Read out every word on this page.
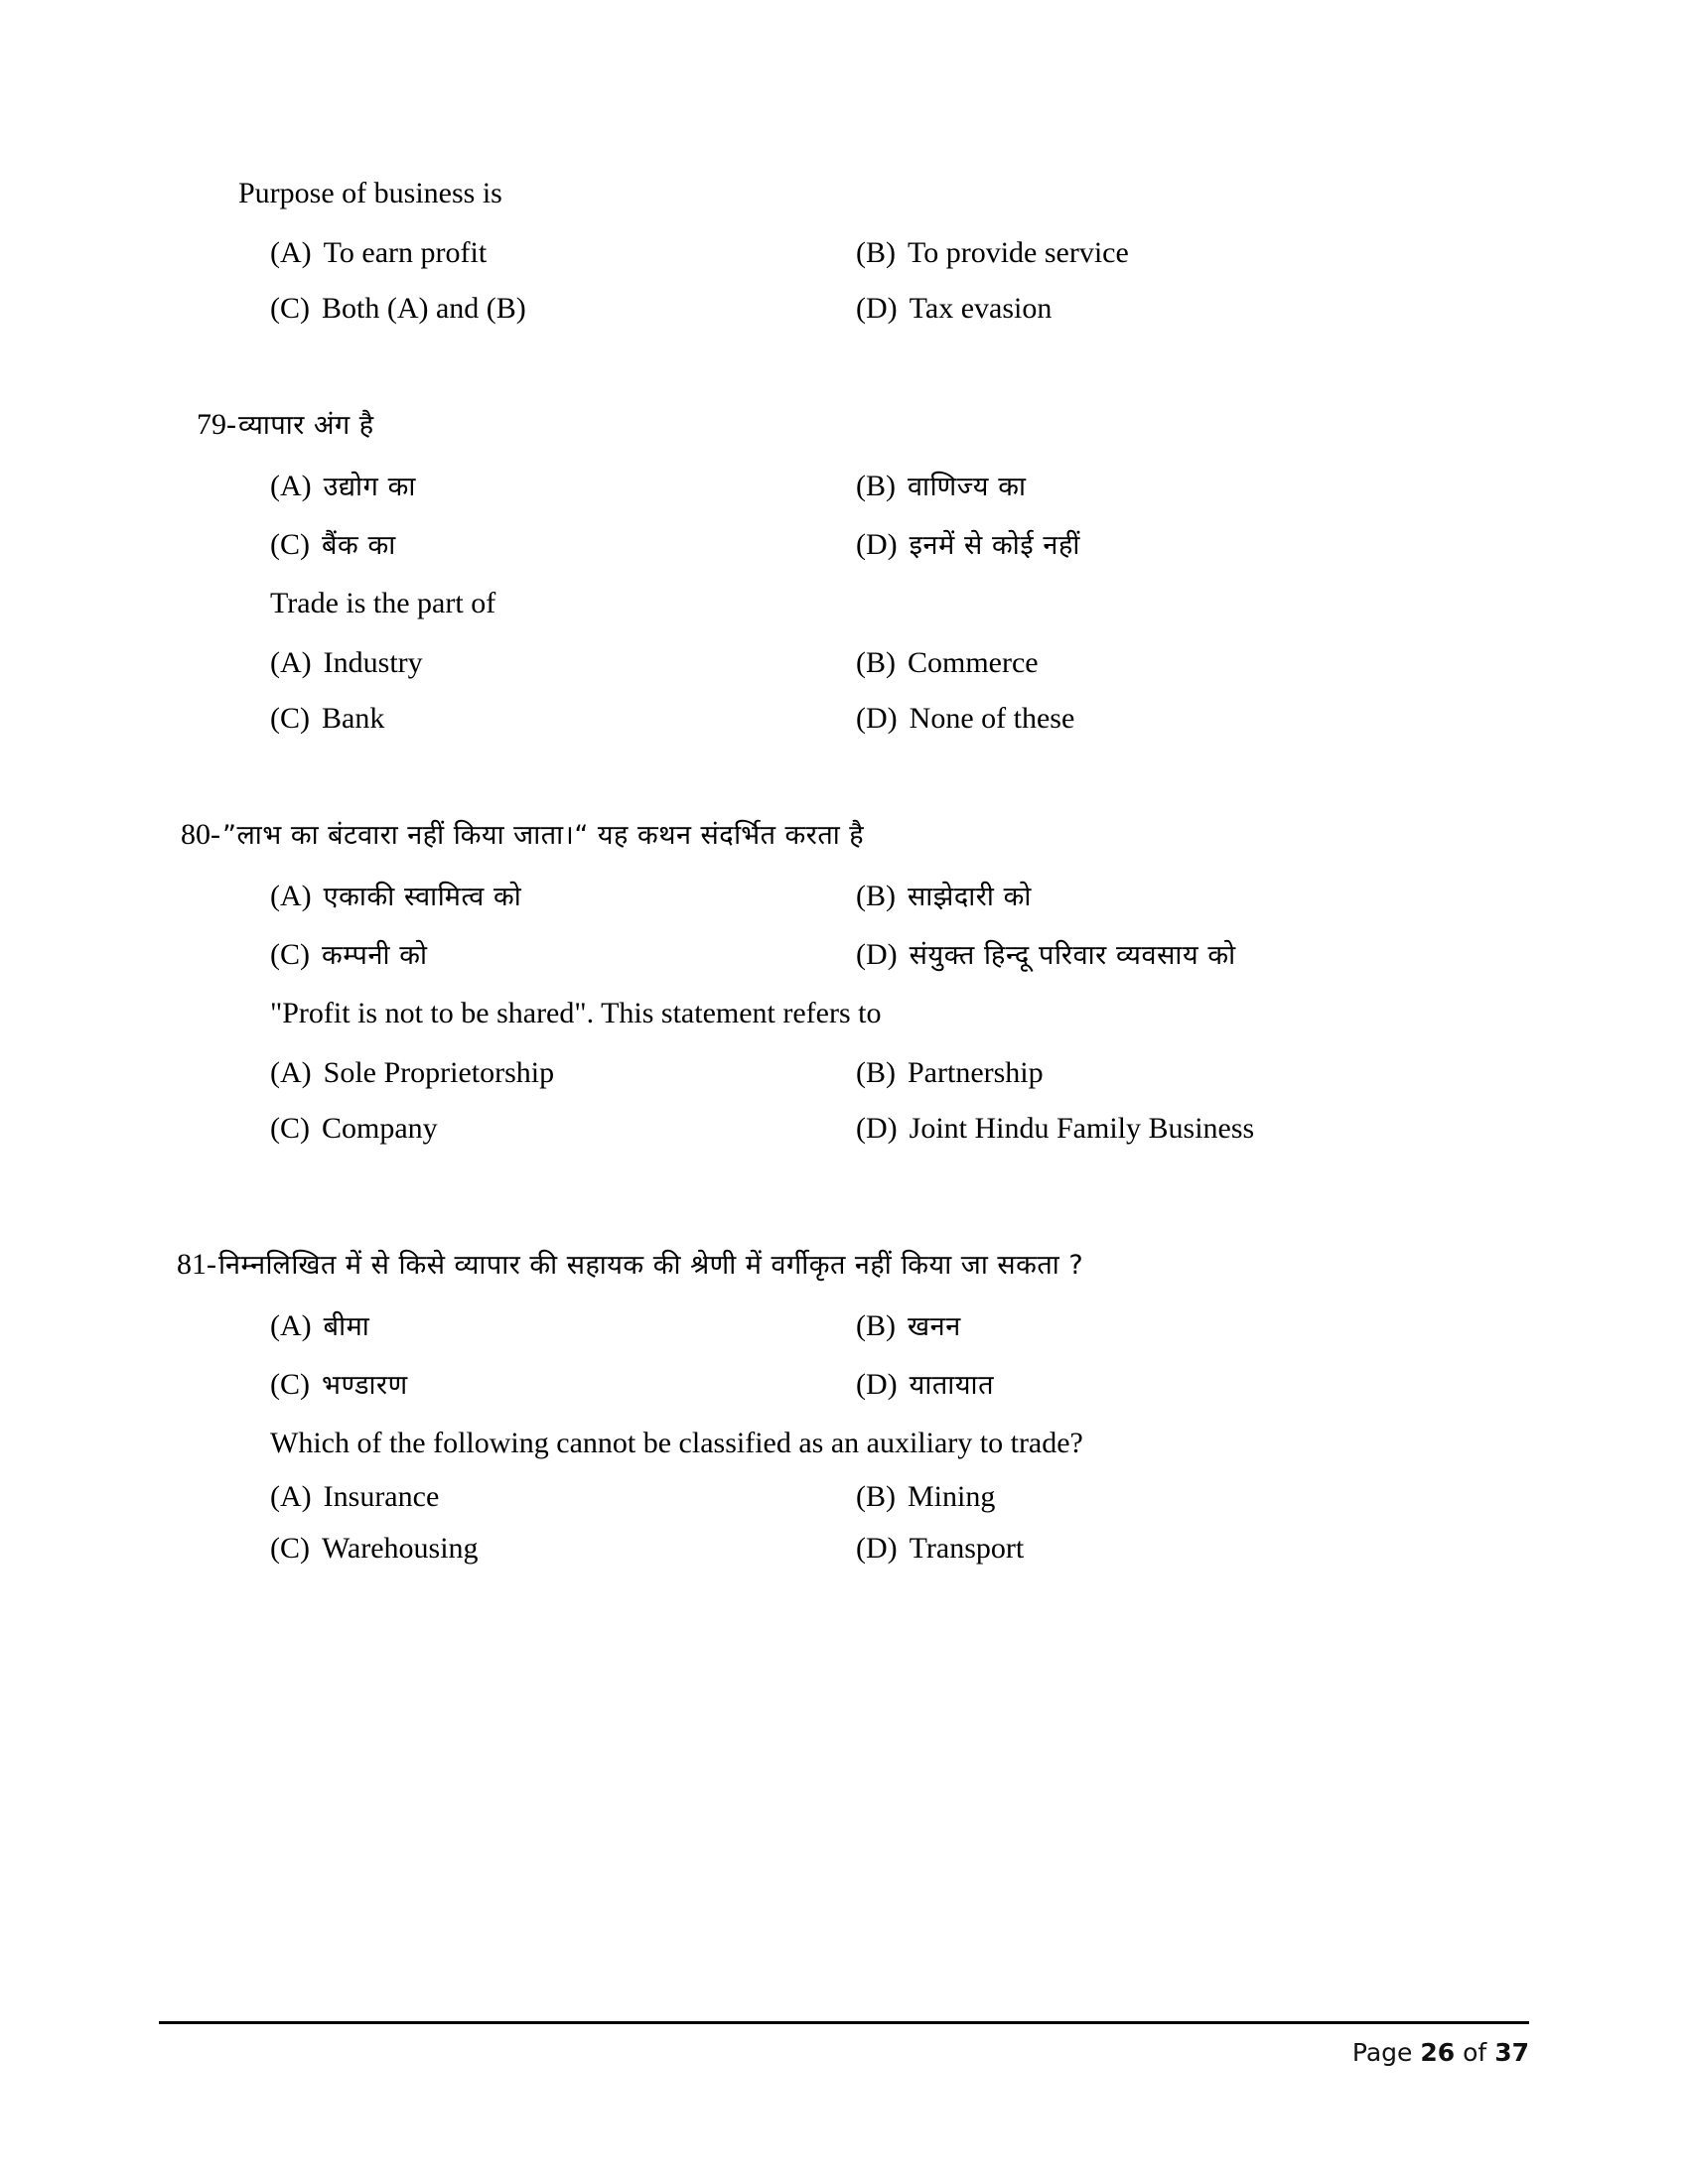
Purpose of business is
(A) To earn profit	(B) To provide service
(C) Both (A) and (B)	(D) Tax evasion
79- व्यापार अंग है
(A) उद्योग का	(B) वाणिज्य का
(C) बैंक का	(D) इनमें से कोई नहीं
Trade is the part of
(A) Industry	(B) Commerce
(C) Bank	(D) None of these
80- ”लाभ का बंटवारा नहीं किया जाता।“ यह कथन संदर्भित करता है
(A) एकाकी स्वामित्व को	(B) साझेदारी को
(C) कम्पनी को	(D) संयुक्त हिन्दू परिवार व्यवसाय को
"Profit is not to be shared". This statement refers to
(A) Sole Proprietorship	(B) Partnership
(C) Company	(D) Joint Hindu Family Business
81- निम्नलिखित में से किसे व्यापार की सहायक की श्रेणी में वर्गीकृत नहीं किया जा सकता ?
(A) बीमा	(B) खनन
(C) भण्डारण	(D) यातायात
Which of the following cannot be classified as an auxiliary to trade?
(A) Insurance	(B) Mining
(C) Warehousing	(D) Transport
Page 26 of 37
